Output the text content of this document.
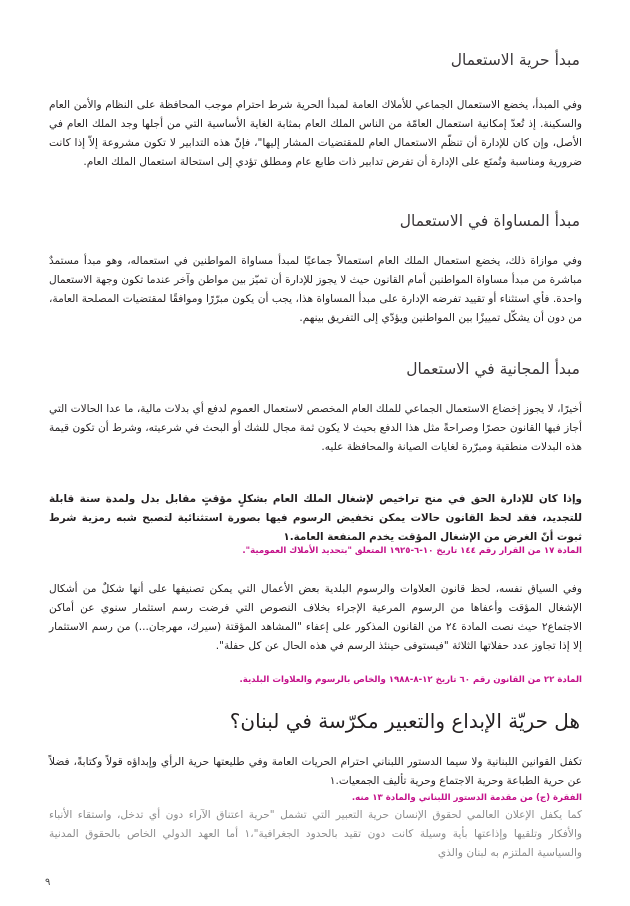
مبدأ حرية الاستعمال

وفي المبدأ، يخضع الاستعمال الجماعي للأملاك العامة لمبدأ الحرية شرط احترام موجب المحافظة على النظام والأمن العام والسكينة. إذ تُعدّ إمكانية استعمال العامّة من الناس الملك العام بمثابة الغاية الأساسية التي من أجلها وجد الملك العام في الأصل، وإن كان للإدارة أن تنظّم الاستعمال العام للمقتضيات المشار إليها"، فإنّ هذه التدابير لا تكون مشروعة إلاّ إذا كانت ضرورية ومناسبة وتُمنَع على الإدارة أن تفرض تدابير ذات طابع عام ومطلق تؤدي إلى استحالة استعمال الملك العام.

مبدأ المساواة في الاستعمال

وفي موازاة ذلك، يخضع استعمال الملك العام استعمالاً جماعيًا لمبدأ مساواة المواطنين في استعماله، وهو مبدأ مستمدٌ مباشرة من مبدأ مساواة المواطنين أمام القانون حيث لا يجوز للإدارة أن تميّز بين مواطن وآخر عندما تكون وجهة الاستعمال واحدة. فأي استثناء أو تقييد تفرضه الإدارة على مبدأ المساواة هذا، يجب أن يكون مبرّرًا وموافقًا لمقتضيات المصلحة العامة، من دون أن يشكّل تمييزًا بين المواطنين ويؤدّي إلى التفريق بينهم.

مبدأ المجانية في الاستعمال

أخيرًا، لا يجوز إخضاع الاستعمال الجماعي للملك العام المخصص لاستعمال العموم لدفع أي بدلات مالية، ما عدا الحالات التي أجاز فيها القانون حصرًا وصراحةً مثل هذا الدفع بحيث لا يكون ثمة مجال للشك أو البحث في شرعيته، وشرط أن تكون قيمة هذه البدلات منطقية ومبرّرة لغايات الصيانة والمحافظة عليه.

وإذا كان للإدارة الحق في منح تراخيص لإشغال الملك العام بشكلٍ مؤقتٍ مقابل بدل ولمدة سنة قابلة للتجديد، فقد لحظ القانون حالات يمكن تخفيض الرسوم فيها بصورة استثنائية لتصبح شبه رمزية شرط ثبوت أنّ الغرض من الإشغال المؤقت يخدم المنفعة العامة.١

المادة ١٧ من القرار رقم ١٤٤ تاريخ ١٠-٦-١٩٢٥ المتعلق "بتحديد الأملاك العمومية".

وفي السياق نفسه، لحظ قانون العلاوات والرسوم البلدية بعض الأعمال التي يمكن تصنيفها على أنها شكلٌ من أشكال الإشغال المؤقت وأعفاها من الرسوم المرعية الإجراء بخلاف النصوص التي فرضت رسم استثمار سنوي عن أماكن الاجتماع٢ حيث نصت المادة ٢٤ من القانون المذكور على إعفاء "المشاهد المؤقتة (سيرك، مهرجان...) من رسم الاستثمار إلا إذا تجاوز عدد حفلاتها الثلاثة "فيستوفى حينئذ الرسم في هذه الحال عن كل حفلة".

المادة ٢٢ من القانون رقم ٦٠ تاريخ ١٢-٨-١٩٨٨ والخاص بالرسوم والعلاوات البلدية.

هل حريّة الإبداع والتعبير مكرّسة في لبنان؟

تكفل القوانين اللبنانية ولا سيما الدستور اللبناني احترام الحريات العامة وفي طليعتها حرية الرأي وإبداؤه قولاً وكتابةً، فضلاً عن حرية الطباعة وحرية الاجتماع وحرية تأليف الجمعيات.١

الفقرة (ج) من مقدمة الدستور اللبناني والمادة ١٣ منه.

كما يكفل الإعلان العالمي لحقوق الإنسان حرية التعبير التي تشمل "حرية اعتناق الآراء دون أي تدخل، واستقاء الأنباء والأفكار وتلقيها وإذاعتها بأية وسيلة كانت دون تقيد بالحدود الجغرافية"،١ أما العهد الدولي الخاص بالحقوق المدنية والسياسية الملتزم به لبنان والذي

٩
